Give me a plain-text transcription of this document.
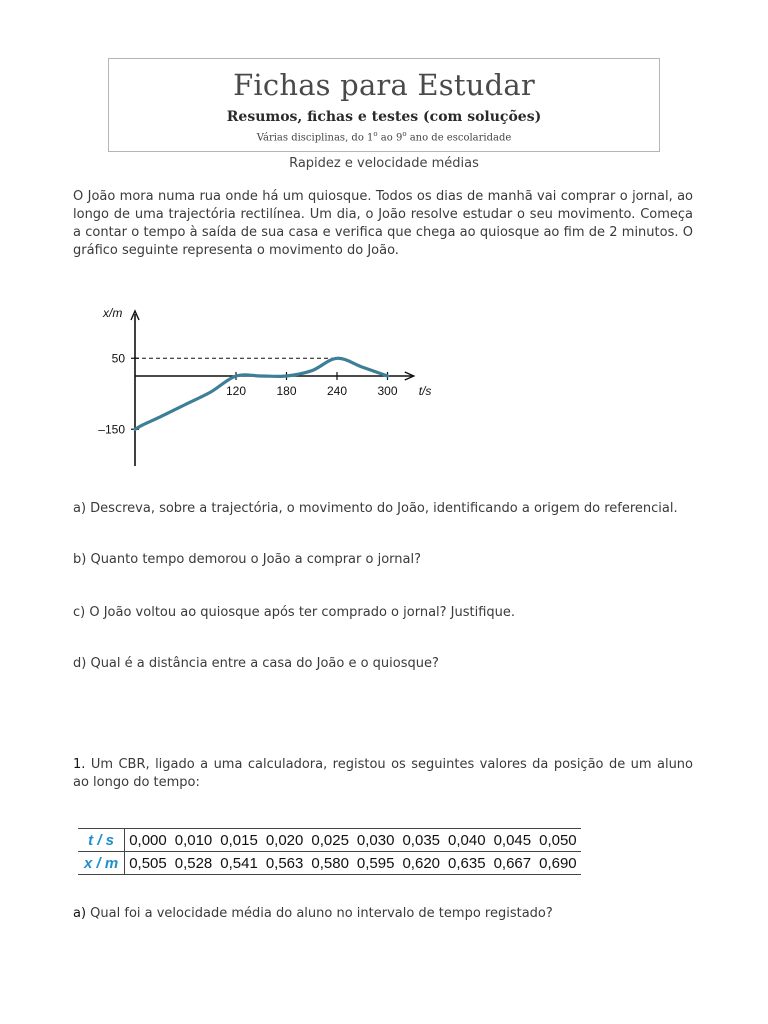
Fichas para Estudar
Resumos, fichas e testes (com soluções)
Várias disciplinas, do 1$^o$ ao 9$^o$ ano de escolaridade
Rapidez e velocidade médias
O João mora numa rua onde há um quiosque. Todos os dias de manhã vai comprar o jornal, ao longo de uma trajectória rectilínea. Um dia, o João resolve estudar o seu movimento. Começa a contar o tempo à saída de sua casa e verifica que chega ao quiosque ao fim de 2 minutos. O gráfico seguinte representa o movimento do João.
120	180	240	300
50
–150
x/m
t/s
a) Descreva, sobre a trajectória, o movimento do João, identificando a origem do referencial.
b) Quanto tempo demorou o João a comprar o jornal?
c) O João voltou ao quiosque após ter comprado o jornal? Justifique.
d) Qual é a distância entre a casa do João e o quiosque?
1. Um CBR, ligado a uma calculadora, registou os seguintes valores da posição de um aluno ao longo do tempo:
t / s	0,000	0,010	0,015	0,020	0,025	0,030	0,035	0,040	0,045	0,050
x / m	0,505	0,528	0,541	0,563	0,580	0,595	0,620	0,635	0,667	0,690
a) Qual foi a velocidade média do aluno no intervalo de tempo registado?
